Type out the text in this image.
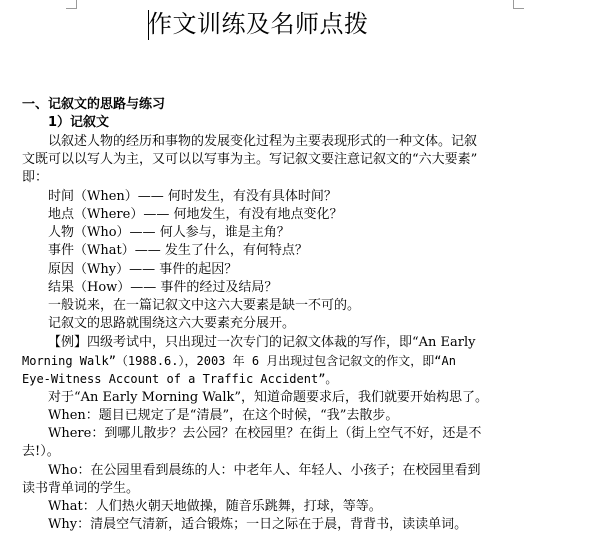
作文训练及名师点拨
一、记叙文的思路与练习
1）记叙文
以叙述人物的经历和事物的发展变化过程为主要表现形式的一种文体。记叙
文既可以以写人为主，又可以以写事为主。写记叙文要注意记叙文的“六大要素”
即：
时间（When）—— 何时发生，有没有具体时间？
地点（Where）—— 何地发生，有没有地点变化？
人物（Who）—— 何人参与，谁是主角？
事件（What）—— 发生了什么，有何特点？
原因（Why）—— 事件的起因？
结果（How）—— 事件的经过及结局？
一般说来，在一篇记叙文中这六大要素是缺一不可的。
记叙文的思路就围绕这六大要素充分展开。
【例】四级考试中，只出现过一次专门的记叙文体裁的写作，即“An Early
Morning Walk”（1988.6.），2003 年 6 月出现过包含记叙文的作文，即“An
Eye-Witness Account of a Traffic Accident”。
对于“An Early Morning Walk”，知道命题要求后，我们就要开始构思了。
When：题目已规定了是“清晨”，在这个时候，“我”去散步。
Where：到哪儿散步？去公园？在校园里？在街上（街上空气不好，还是不
去!）。
Who：在公园里看到晨练的人：中老年人、年轻人、小孩子；在校园里看到
读书背单词的学生。
What：人们热火朝天地做操，随音乐跳舞，打球，等等。
Why：清晨空气清新，适合锻炼；一日之际在于晨，背背书，读读单词。
